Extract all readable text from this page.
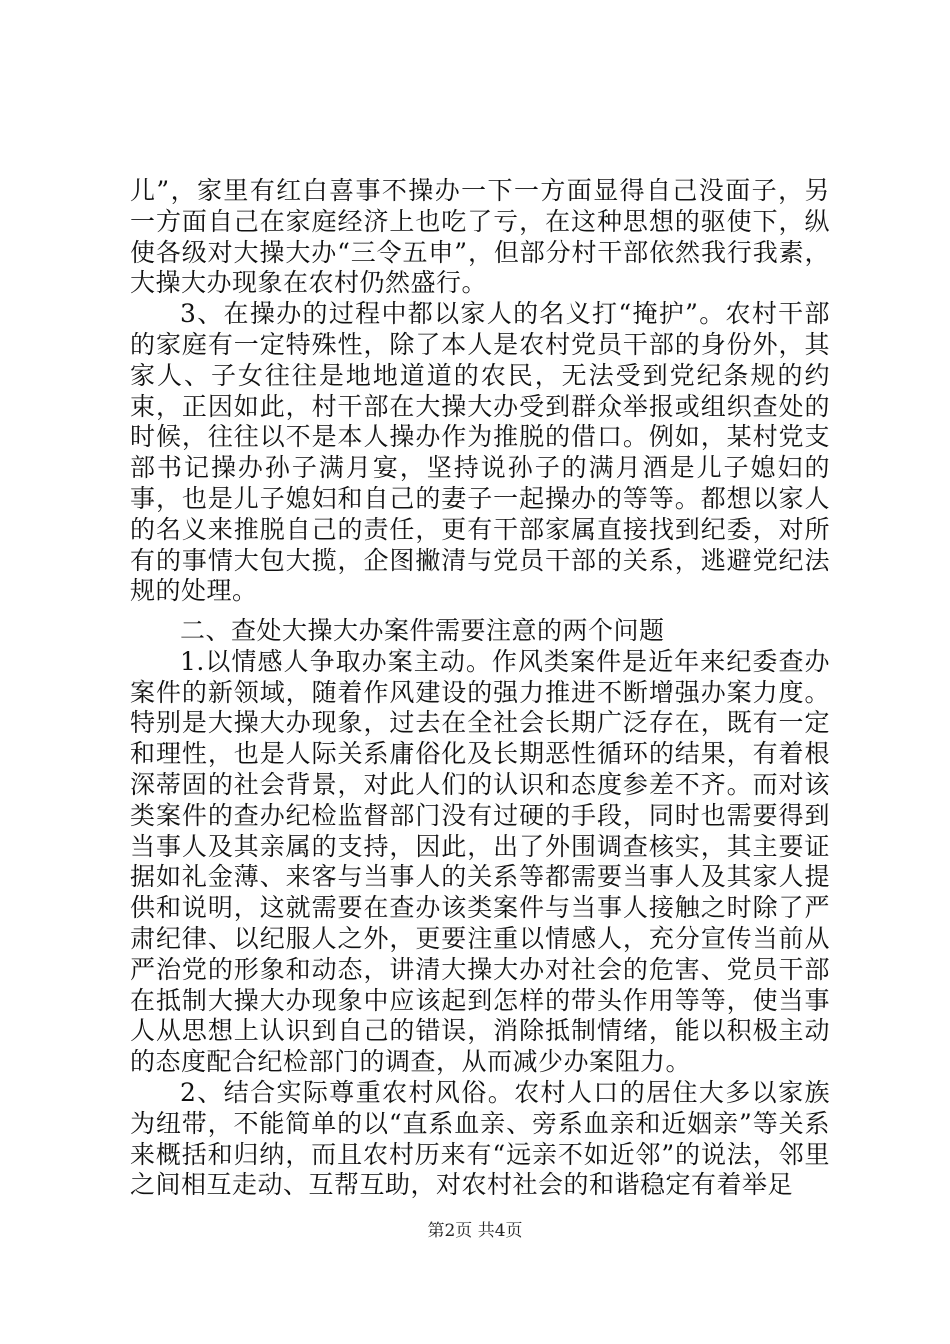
儿”，家里有红白喜事不操办一下一方面显得自己没面子，另一方面自己在家庭经济上也吃了亏，在这种思想的驱使下，纵使各级对大操大办“三令五申”，但部分村干部依然我行我素，大操大办现象在农村仍然盛行。

3、在操办的过程中都以家人的名义打“掩护”。农村干部的家庭有一定特殊性，除了本人是农村党员干部的身份外，其家人、子女往往是地地道道的农民，无法受到党纪条规的约束，正因如此，村干部在大操大办受到群众举报或组织查处的时候，往往以不是本人操办作为推脱的借口。例如，某村党支部书记操办孙子满月宴，坚持说孙子的满月酒是儿子媳妇的事，也是儿子媳妇和自己的妻子一起操办的等等。都想以家人的名义来推脱自己的责任，更有干部家属直接找到纪委，对所有的事情大包大揽，企图撇清与党员干部的关系，逃避党纪法规的处理。

二、查处大操大办案件需要注意的两个问题

1.以情感人争取办案主动。作风类案件是近年来纪委查办案件的新领域，随着作风建设的强力推进不断增强办案力度。特别是大操大办现象，过去在全社会长期广泛存在，既有一定和理性，也是人际关系庸俗化及长期恶性循环的结果，有着根深蒂固的社会背景，对此人们的认识和态度参差不齐。而对该类案件的查办纪检监督部门没有过硬的手段，同时也需要得到当事人及其亲属的支持，因此，出了外围调查核实，其主要证据如礼金薄、来客与当事人的关系等都需要当事人及其家人提供和说明，这就需要在查办该类案件与当事人接触之时除了严肃纪律、以纪服人之外，更要注重以情感人，充分宣传当前从严治党的形象和动态，讲清大操大办对社会的危害、党员干部在抵制大操大办现象中应该起到怎样的带头作用等等，使当事人从思想上认识到自己的错误，消除抵制情绪，能以积极主动的态度配合纪检部门的调查，从而减少办案阻力。

2、结合实际尊重农村风俗。农村人口的居住大多以家族为纽带，不能简单的以“直系血亲、旁系血亲和近姻亲”等关系来概括和归纳，而且农村历来有“远亲不如近邻”的说法，邻里之间相互走动、互帮互助，对农村社会的和谐稳定有着举足

第2页 共4页
